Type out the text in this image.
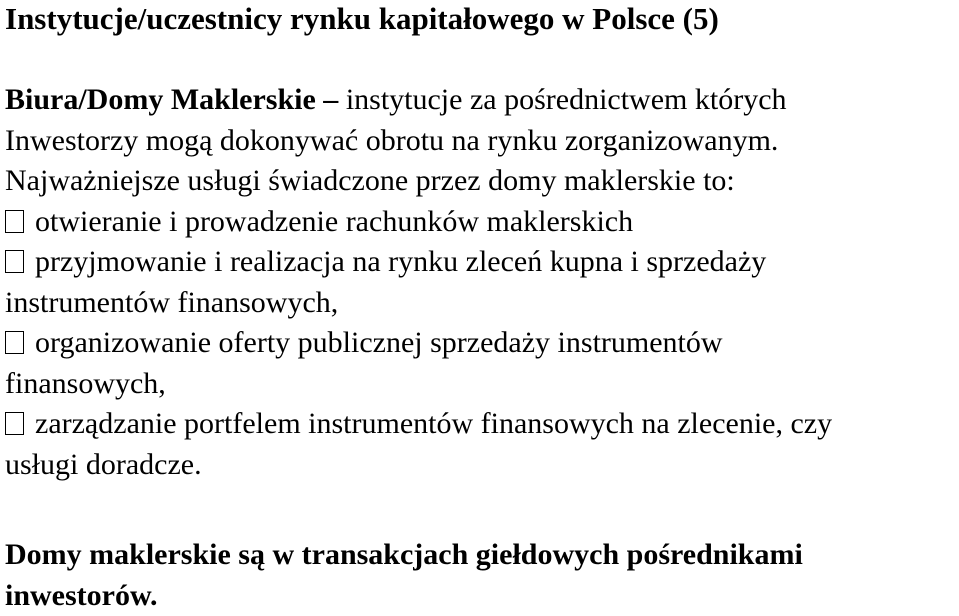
Instytucje/uczestnicy rynku kapitałowego w Polsce (5)
Biura/Domy Maklerskie – instytucje za pośrednictwem których
Inwestorzy mogą dokonywać obrotu na rynku zorganizowanym.
Najważniejsze usługi świadczone przez domy maklerskie to:
otwieranie i prowadzenie rachunków maklerskich
przyjmowanie i realizacja na rynku zleceń kupna i sprzedaży
instrumentów finansowych,
organizowanie oferty publicznej sprzedaży instrumentów
finansowych,
zarządzanie portfelem instrumentów finansowych na zlecenie, czy
usługi doradcze.
Domy maklerskie są w transakcjach giełdowych pośrednikami
inwestorów.
